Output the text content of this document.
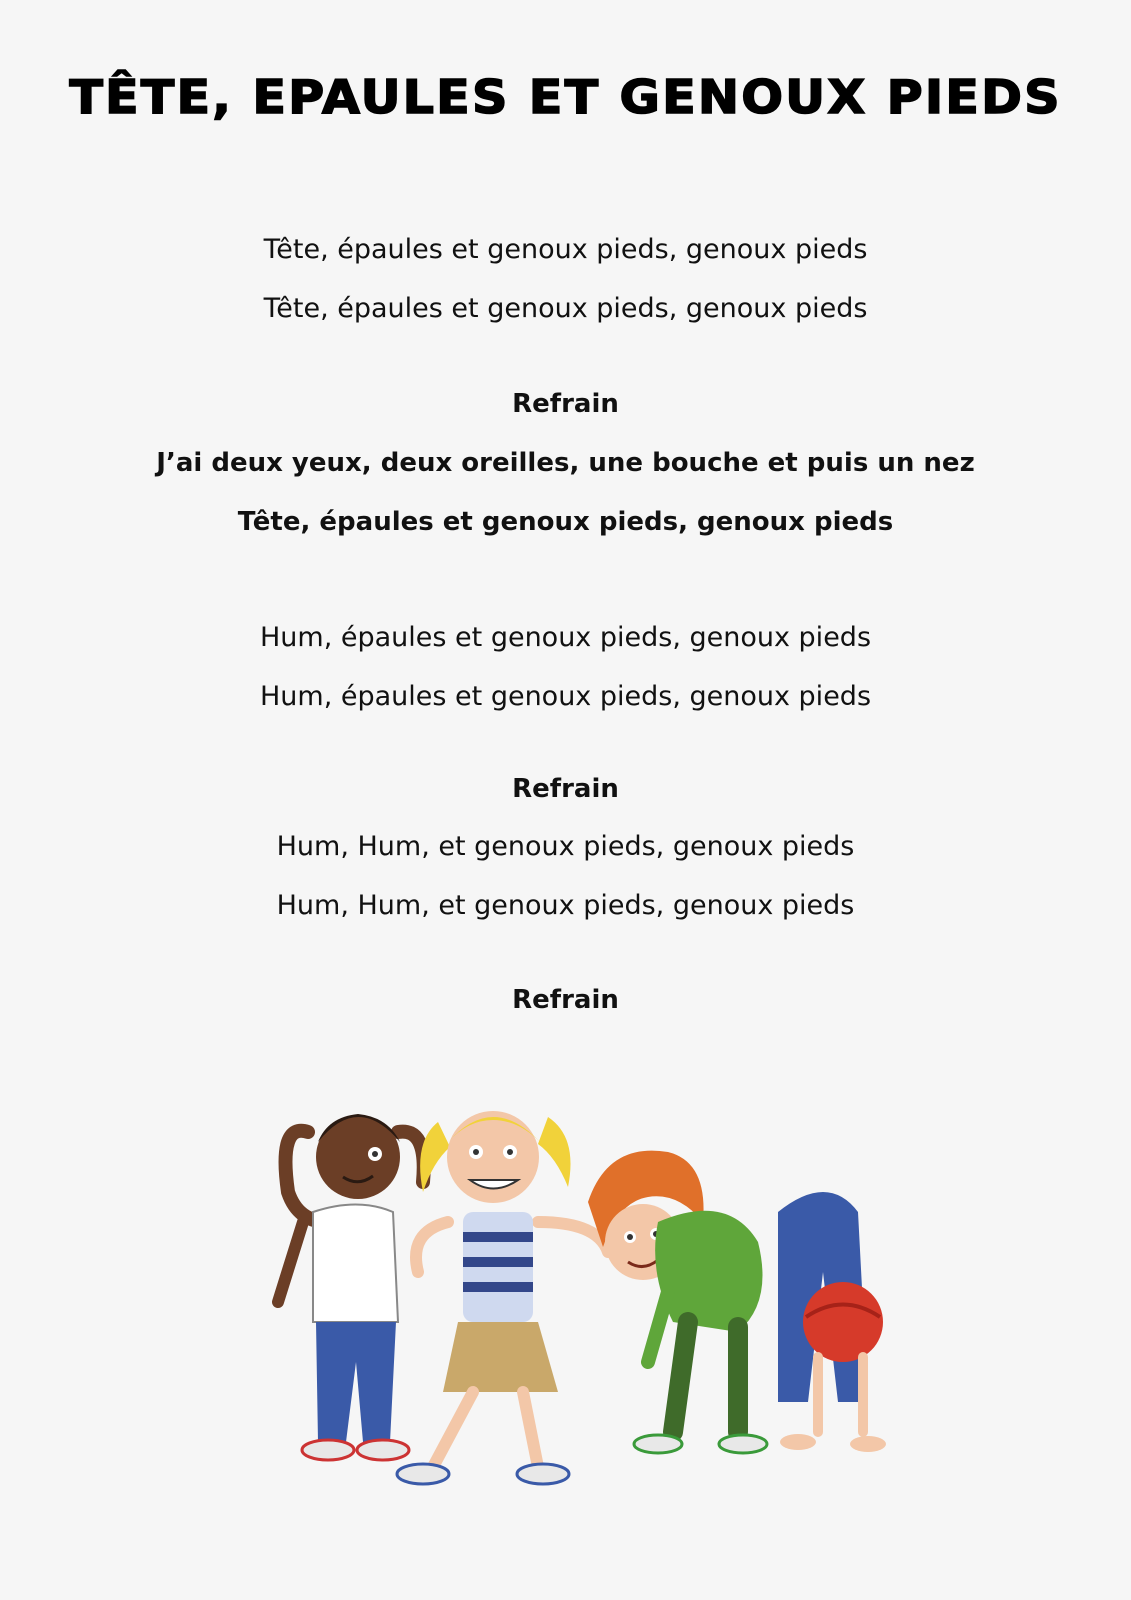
TÊTE, EPAULES ET GENOUX PIEDS
Tête, épaules et genoux pieds, genoux pieds
Tête, épaules et genoux pieds, genoux pieds
Refrain
J’ai deux yeux, deux oreilles, une bouche et puis un nez
Tête, épaules et genoux pieds, genoux pieds
Hum, épaules et genoux pieds, genoux pieds
Hum, épaules et genoux pieds, genoux pieds
Refrain
Hum, Hum, et genoux pieds, genoux pieds
Hum, Hum, et genoux pieds, genoux pieds
Refrain
